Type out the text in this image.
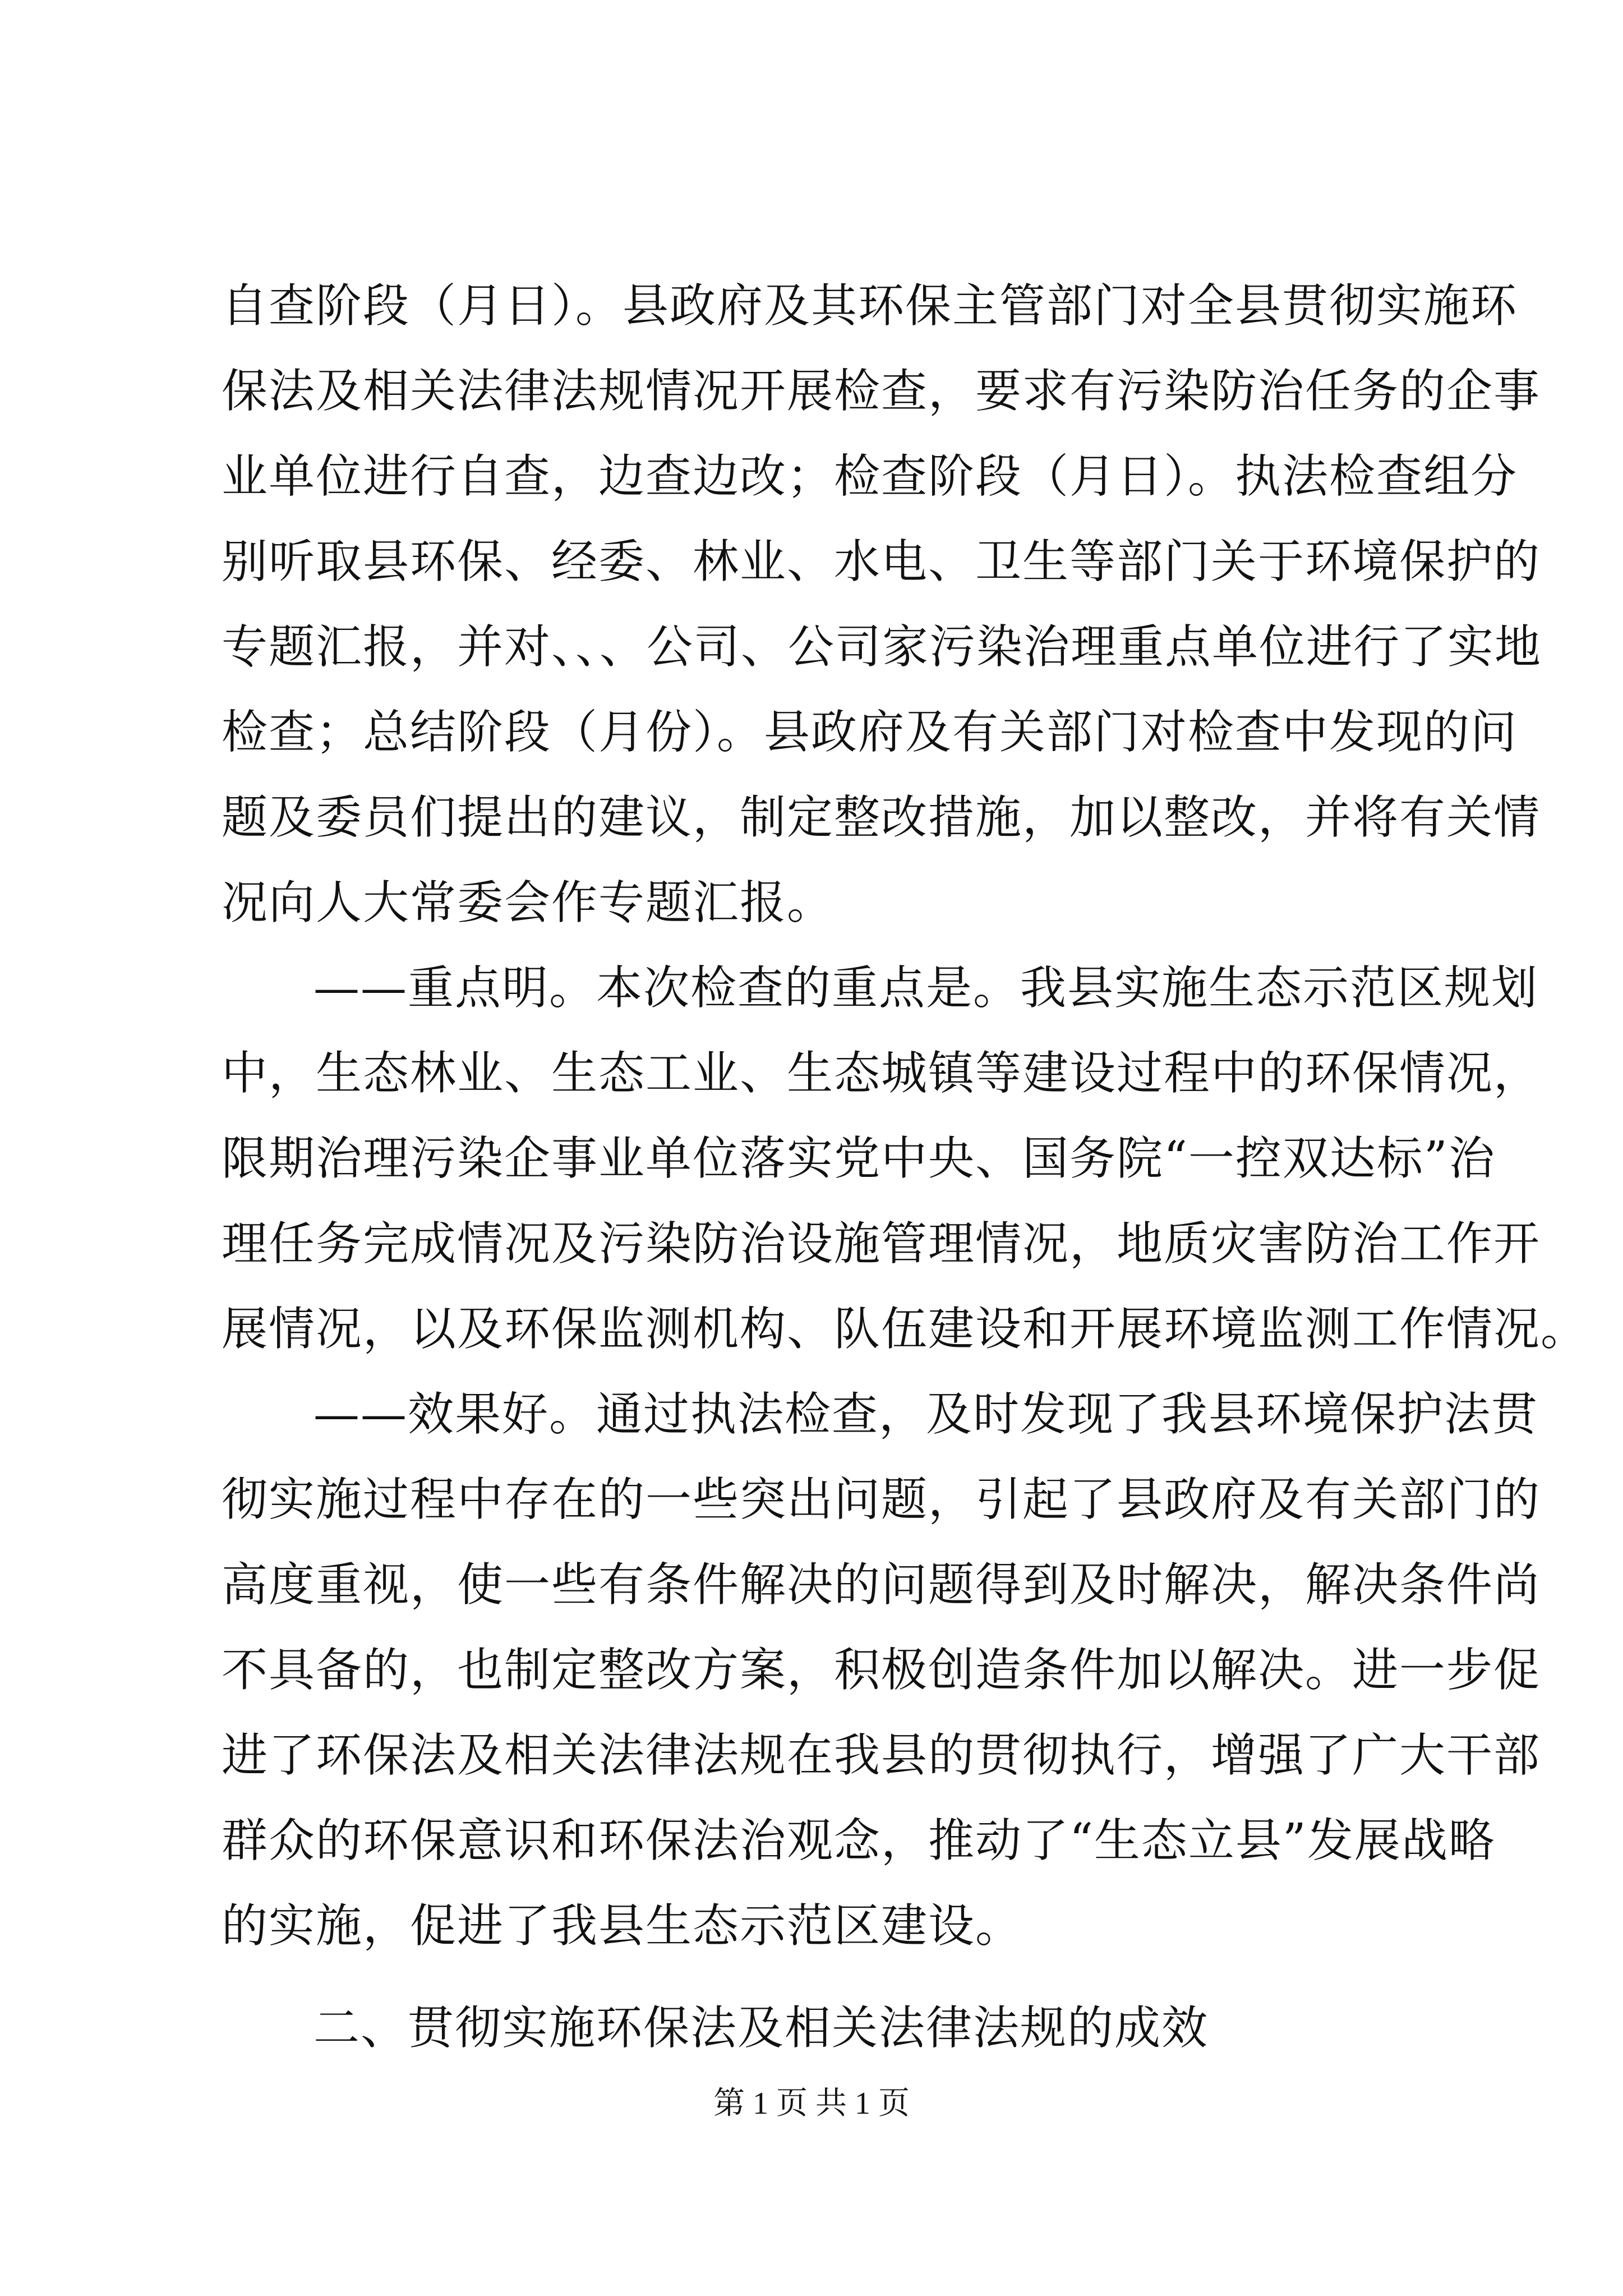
自查阶段（月日）。县政府及其环保主管部门对全县贯彻实施环
保法及相关法律法规情况开展检查，要求有污染防治任务的企事
业单位进行自查，边查边改；检查阶段（月日）。执法检查组分
别听取县环保、经委、林业、水电、卫生等部门关于环境保护的
专题汇报，并对、、、公司、公司家污染治理重点单位进行了实地
检查；总结阶段（月份）。县政府及有关部门对检查中发现的问
题及委员们提出的建议，制定整改措施，加以整改，并将有关情
况向人大常委会作专题汇报。
——重点明。本次检查的重点是。我县实施生态示范区规划
中，生态林业、生态工业、生态城镇等建设过程中的环保情况，
限期治理污染企事业单位落实党中央、国务院“一控双达标”治
理任务完成情况及污染防治设施管理情况，地质灾害防治工作开
展情况，以及环保监测机构、队伍建设和开展环境监测工作情况。
——效果好。通过执法检查，及时发现了我县环境保护法贯
彻实施过程中存在的一些突出问题，引起了县政府及有关部门的
高度重视，使一些有条件解决的问题得到及时解决，解决条件尚
不具备的，也制定整改方案，积极创造条件加以解决。进一步促
进了环保法及相关法律法规在我县的贯彻执行，增强了广大干部
群众的环保意识和环保法治观念，推动了“生态立县”发展战略
的实施，促进了我县生态示范区建设。
二、贯彻实施环保法及相关法律法规的成效
第 1 页 共 1 页
